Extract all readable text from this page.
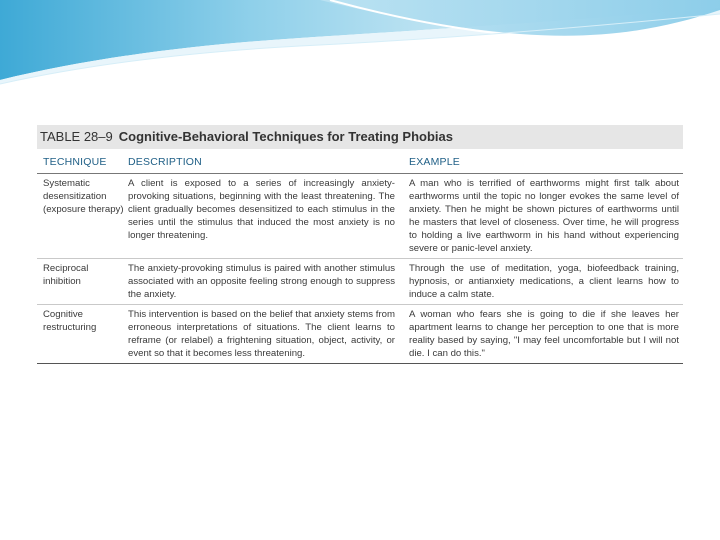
TABLE 28–9 Cognitive-Behavioral Techniques for Treating Phobias
TECHNIQUE	DESCRIPTION	EXAMPLE
Systematic desensitization (exposure therapy)
A client is exposed to a series of increasingly anxiety-provoking situations, beginning with the least threatening. The client gradually becomes desensitized to each stimulus in the series until the stimulus that induced the most anxiety is no longer threatening.
A man who is terrified of earthworms might first talk about earthworms until the topic no longer evokes the same level of anxiety. Then he might be shown pictures of earthworms until he masters that level of closeness. Over time, he will progress to holding a live earthworm in his hand without experiencing severe or panic-level anxiety.
Reciprocal inhibition
The anxiety-provoking stimulus is paired with another stimulus associated with an opposite feeling strong enough to suppress the anxiety.
Through the use of meditation, yoga, biofeedback training, hypnosis, or antianxiety medications, a client learns how to induce a calm state.
Cognitive restructuring
This intervention is based on the belief that anxiety stems from erroneous interpretations of situations. The client learns to reframe (or relabel) a frightening situation, object, activity, or event so that it becomes less threatening.
A woman who fears she is going to die if she leaves her apartment learns to change her perception to one that is more reality based by saying, "I may feel uncomfortable but I will not die. I can do this."
